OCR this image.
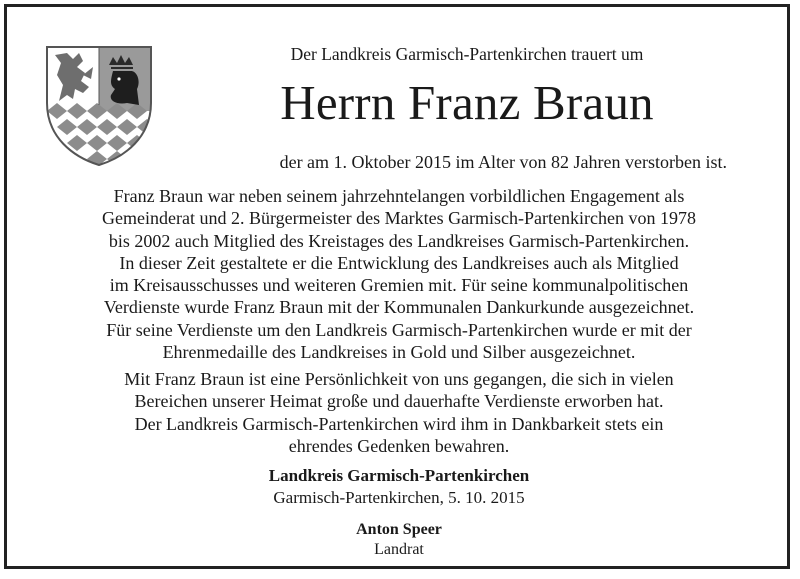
Der Landkreis Garmisch-Partenkirchen trauert um
Herrn Franz Braun
der am 1. Oktober 2015 im Alter von 82 Jahren verstorben ist.
Franz Braun war neben seinem jahrzehntelangen vorbildlichen Engagement als
Gemeinderat und 2. Bürgermeister des Marktes Garmisch-Partenkirchen von 1978
bis 2002 auch Mitglied des Kreistages des Landkreises Garmisch-Partenkirchen.
In dieser Zeit gestaltete er die Entwicklung des Landkreises auch als Mitglied
im Kreisausschusses und weiteren Gremien mit. Für seine kommunalpolitischen
Verdienste wurde Franz Braun mit der Kommunalen Dankurkunde ausgezeichnet.
Für seine Verdienste um den Landkreis Garmisch-Partenkirchen wurde er mit der
Ehrenmedaille des Landkreises in Gold und Silber ausgezeichnet.
Mit Franz Braun ist eine Persönlichkeit von uns gegangen, die sich in vielen
Bereichen unserer Heimat große und dauerhafte Verdienste erworben hat.
Der Landkreis Garmisch-Partenkirchen wird ihm in Dankbarkeit stets ein
ehrendes Gedenken bewahren.
Landkreis Garmisch-Partenkirchen
Garmisch-Partenkirchen, 5. 10. 2015
Anton Speer
Landrat
